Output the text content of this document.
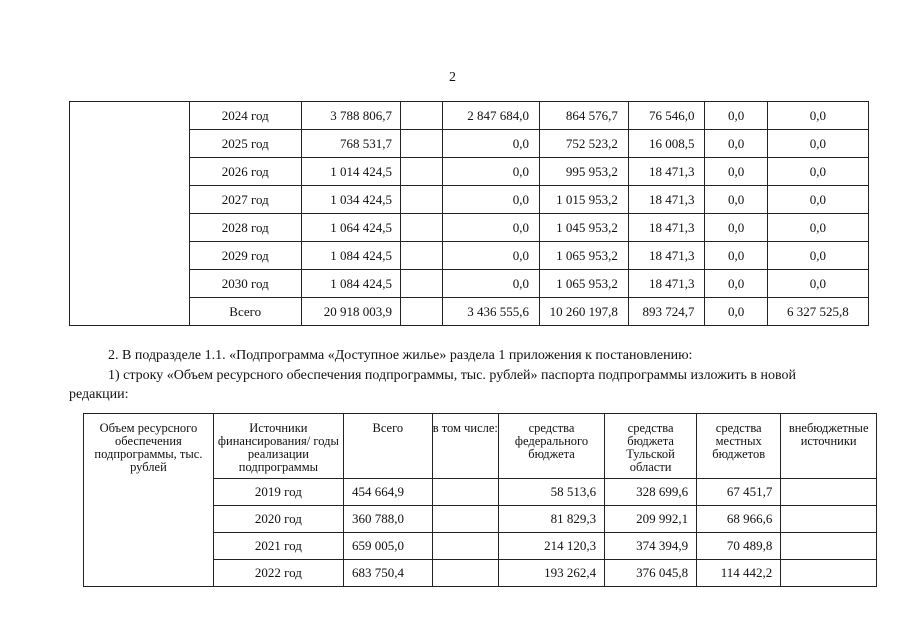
2
	2024 год	3 788 806,7		2 847 684,0	864 576,7	76 546,0	0,0	0,0
	2025 год	768 531,7		0,0	752 523,2	16 008,5	0,0	0,0
	2026 год	1 014 424,5		0,0	995 953,2	18 471,3	0,0	0,0
	2027 год	1 034 424,5		0,0	1 015 953,2	18 471,3	0,0	0,0
	2028 год	1 064 424,5		0,0	1 045 953,2	18 471,3	0,0	0,0
	2029 год	1 084 424,5		0,0	1 065 953,2	18 471,3	0,0	0,0
	2030 год	1 084 424,5		0,0	1 065 953,2	18 471,3	0,0	0,0
	Всего	20 918 003,9		3 436 555,6	10 260 197,8	893 724,7	0,0	6 327 525,8
2. В подразделе 1.1. «Подпрограмма «Доступное жилье» раздела 1 приложения к постановлению:
1) строку «Объем ресурсного обеспечения подпрограммы, тыс. рублей» паспорта подпрограммы изложить в новой
редакции:
Объем ресурсного обеспечения подпрограммы, тыс. рублей	Источники финансирования/ годы реализации подпрограммы	Всего	в том числе:	средства федерального бюджета	средства бюджета Тульской области	средства местных бюджетов	внебюджетные источники
	2019 год	454 664,9		58 513,6	328 699,6	67 451,7	
	2020 год	360 788,0		81 829,3	209 992,1	68 966,6	
	2021 год	659 005,0		214 120,3	374 394,9	70 489,8	
	2022 год	683 750,4		193 262,4	376 045,8	114 442,2	
